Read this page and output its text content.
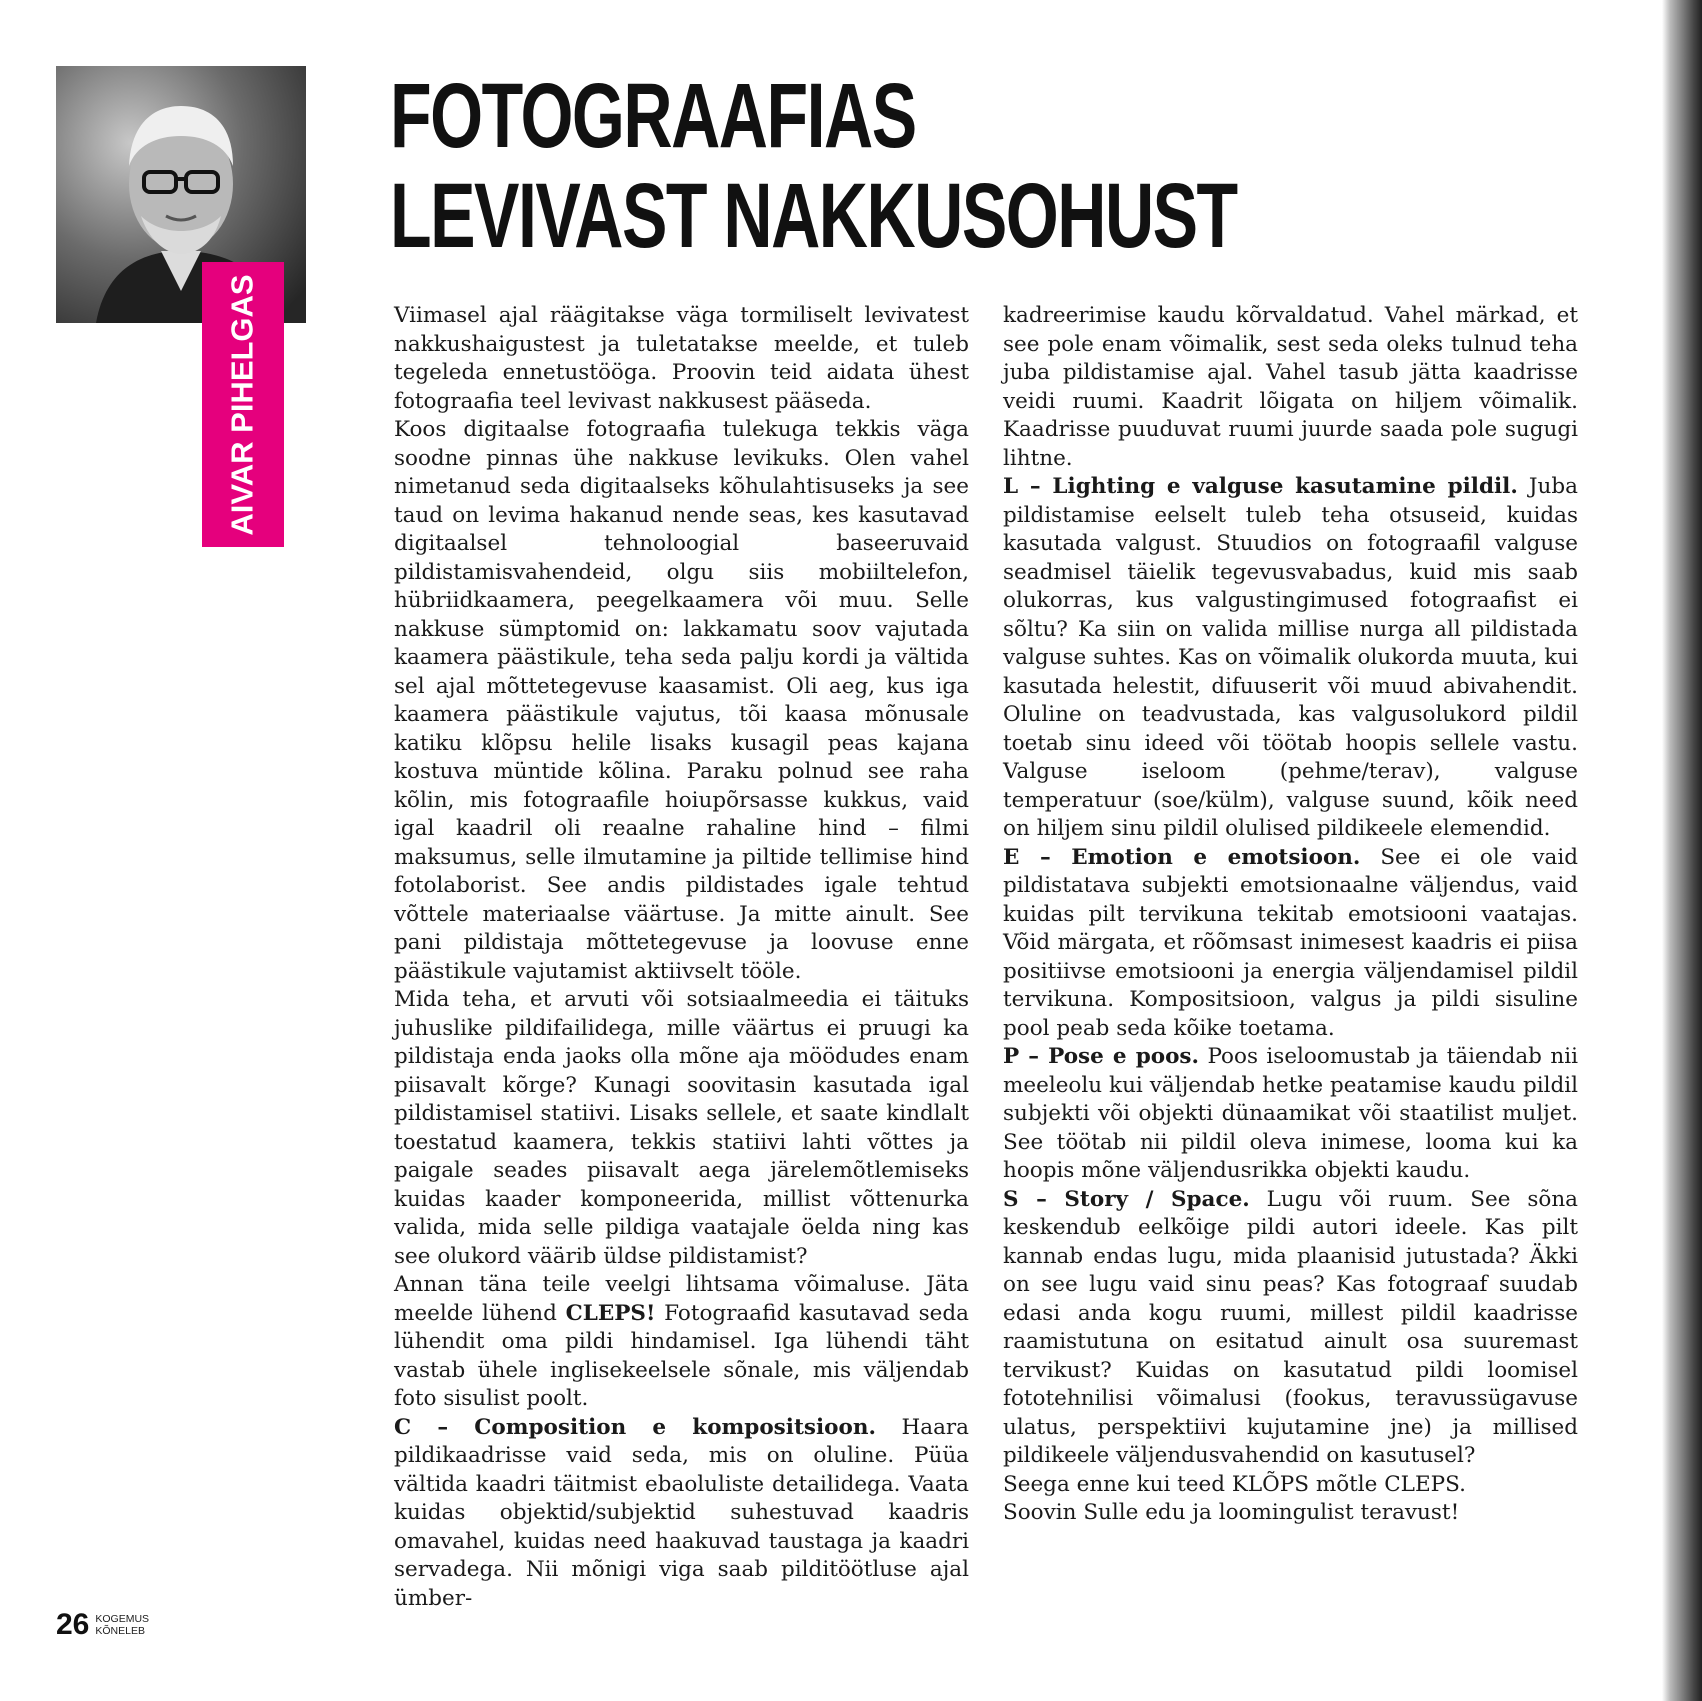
AIVAR PIHELGAS
FOTOGRAAFIAS
LEVIVAST NAKKUSOHUST

Viimasel ajal räägitakse väga tormiliselt levivatest nakkushaigustest ja tuletatakse meelde, et tuleb tegeleda ennetustööga. Proovin teid aidata ühest fotograafia teel levivast nakkusest pääseda.

Koos digitaalse fotograafia tulekuga tekkis väga soodne pinnas ühe nakkuse levikuks. Olen vahel nimetanud seda digitaalseks kõhulahtisuseks ja see taud on levima hakanud nende seas, kes kasutavad digitaalsel tehnoloogial baseeruvaid pildistamisvahendeid, olgu siis mobiiltelefon, hübriidkaamera, peegelkaamera või muu. Selle nakkuse sümptomid on: lakkamatu soov vajutada kaamera päästikule, teha seda palju kordi ja vältida sel ajal mõttetegevuse kaasamist. Oli aeg, kus iga kaamera päästikule vajutus, tõi kaasa mõnusale katiku klõpsu helile lisaks kusagil peas kajana kostuva müntide kõlina. Paraku polnud see raha kõlin, mis fotograafile hoiupõrsasse kukkus, vaid igal kaadril oli reaalne rahaline hind – filmi maksumus, selle ilmutamine ja piltide tellimise hind fotolaborist. See andis pildistades igale tehtud võttele materiaalse väärtuse. Ja mitte ainult. See pani pildistaja mõttetegevuse ja loovuse enne päästikule vajutamist aktiivselt tööle.

Mida teha, et arvuti või sotsiaalmeedia ei täituks juhuslike pildifailidega, mille väärtus ei pruugi ka pildistaja enda jaoks olla mõne aja möödudes enam piisavalt kõrge? Kunagi soovitasin kasutada igal pildistamisel statiivi. Lisaks sellele, et saate kindlalt toestatud kaamera, tekkis statiivi lahti võttes ja paigale seades piisavalt aega järelemõtlemiseks kuidas kaader komponeerida, millist võttenurka valida, mida selle pildiga vaatajale öelda ning kas see olukord väärib üldse pildistamist?

Annan täna teile veelgi lihtsama võimaluse. Jäta meelde lühend CLEPS! Fotograafid kasutavad seda lühendit oma pildi hindamisel. Iga lühendi täht vastab ühele inglisekeelsele sõnale, mis väljendab foto sisulist poolt.

C – Composition e kompositsioon. Haara pildikaadrisse vaid seda, mis on oluline. Püüa vältida kaadri täitmist ebaoluliste detailidega. Vaata kuidas objektid/subjektid suhestuvad kaadris omavahel, kuidas need haakuvad taustaga ja kaadri servadega. Nii mõnigi viga saab pilditöötluse ajal ümber-

kadreerimise kaudu kõrvaldatud. Vahel märkad, et see pole enam võimalik, sest seda oleks tulnud teha juba pildistamise ajal. Vahel tasub jätta kaadrisse veidi ruumi. Kaadrit lõigata on hiljem võimalik. Kaadrisse puuduvat ruumi juurde saada pole sugugi lihtne.

L – Lighting e valguse kasutamine pildil. Juba pildistamise eelselt tuleb teha otsuseid, kuidas kasutada valgust. Stuudios on fotograafil valguse seadmisel täielik tegevusvabadus, kuid mis saab olukorras, kus valgustingimused fotograafist ei sõltu? Ka siin on valida millise nurga all pildistada valguse suhtes. Kas on võimalik olukorda muuta, kui kasutada helestit, difuuserit või muud abivahendit. Oluline on teadvustada, kas valgusolukord pildil toetab sinu ideed või töötab hoopis sellele vastu. Valguse iseloom (pehme/terav), valguse temperatuur (soe/külm), valguse suund, kõik need on hiljem sinu pildil olulised pildikeele elemendid.

E – Emotion e emotsioon. See ei ole vaid pildistatava subjekti emotsionaalne väljendus, vaid kuidas pilt tervikuna tekitab emotsiooni vaatajas. Võid märgata, et rõõmsast inimesest kaadris ei piisa positiivse emotsiooni ja energia väljendamisel pildil tervikuna. Kompositsioon, valgus ja pildi sisuline pool peab seda kõike toetama.

P – Pose e poos. Poos iseloomustab ja täiendab nii meeleolu kui väljendab hetke peatamise kaudu pildil subjekti või objekti dünaamikat või staatilist muljet. See töötab nii pildil oleva inimese, looma kui ka hoopis mõne väljendusrikka objekti kaudu.

S – Story / Space. Lugu või ruum. See sõna keskendub eelkõige pildi autori ideele. Kas pilt kannab endas lugu, mida plaanisid jutustada? Äkki on see lugu vaid sinu peas? Kas fotograaf suudab edasi anda kogu ruumi, millest pildil kaadrisse raamistutuna on esitatud ainult osa suuremast tervikust? Kuidas on kasutatud pildi loomisel fototehnilisi võimalusi (fookus, teravussügavuse ulatus, perspektiivi kujutamine jne) ja millised pildikeele väljendusvahendid on kasutusel?

Seega enne kui teed KLÕPS mõtle CLEPS.

Soovin Sulle edu ja loomingulist teravust!

26 KOGEMUS
KÕNELEB
